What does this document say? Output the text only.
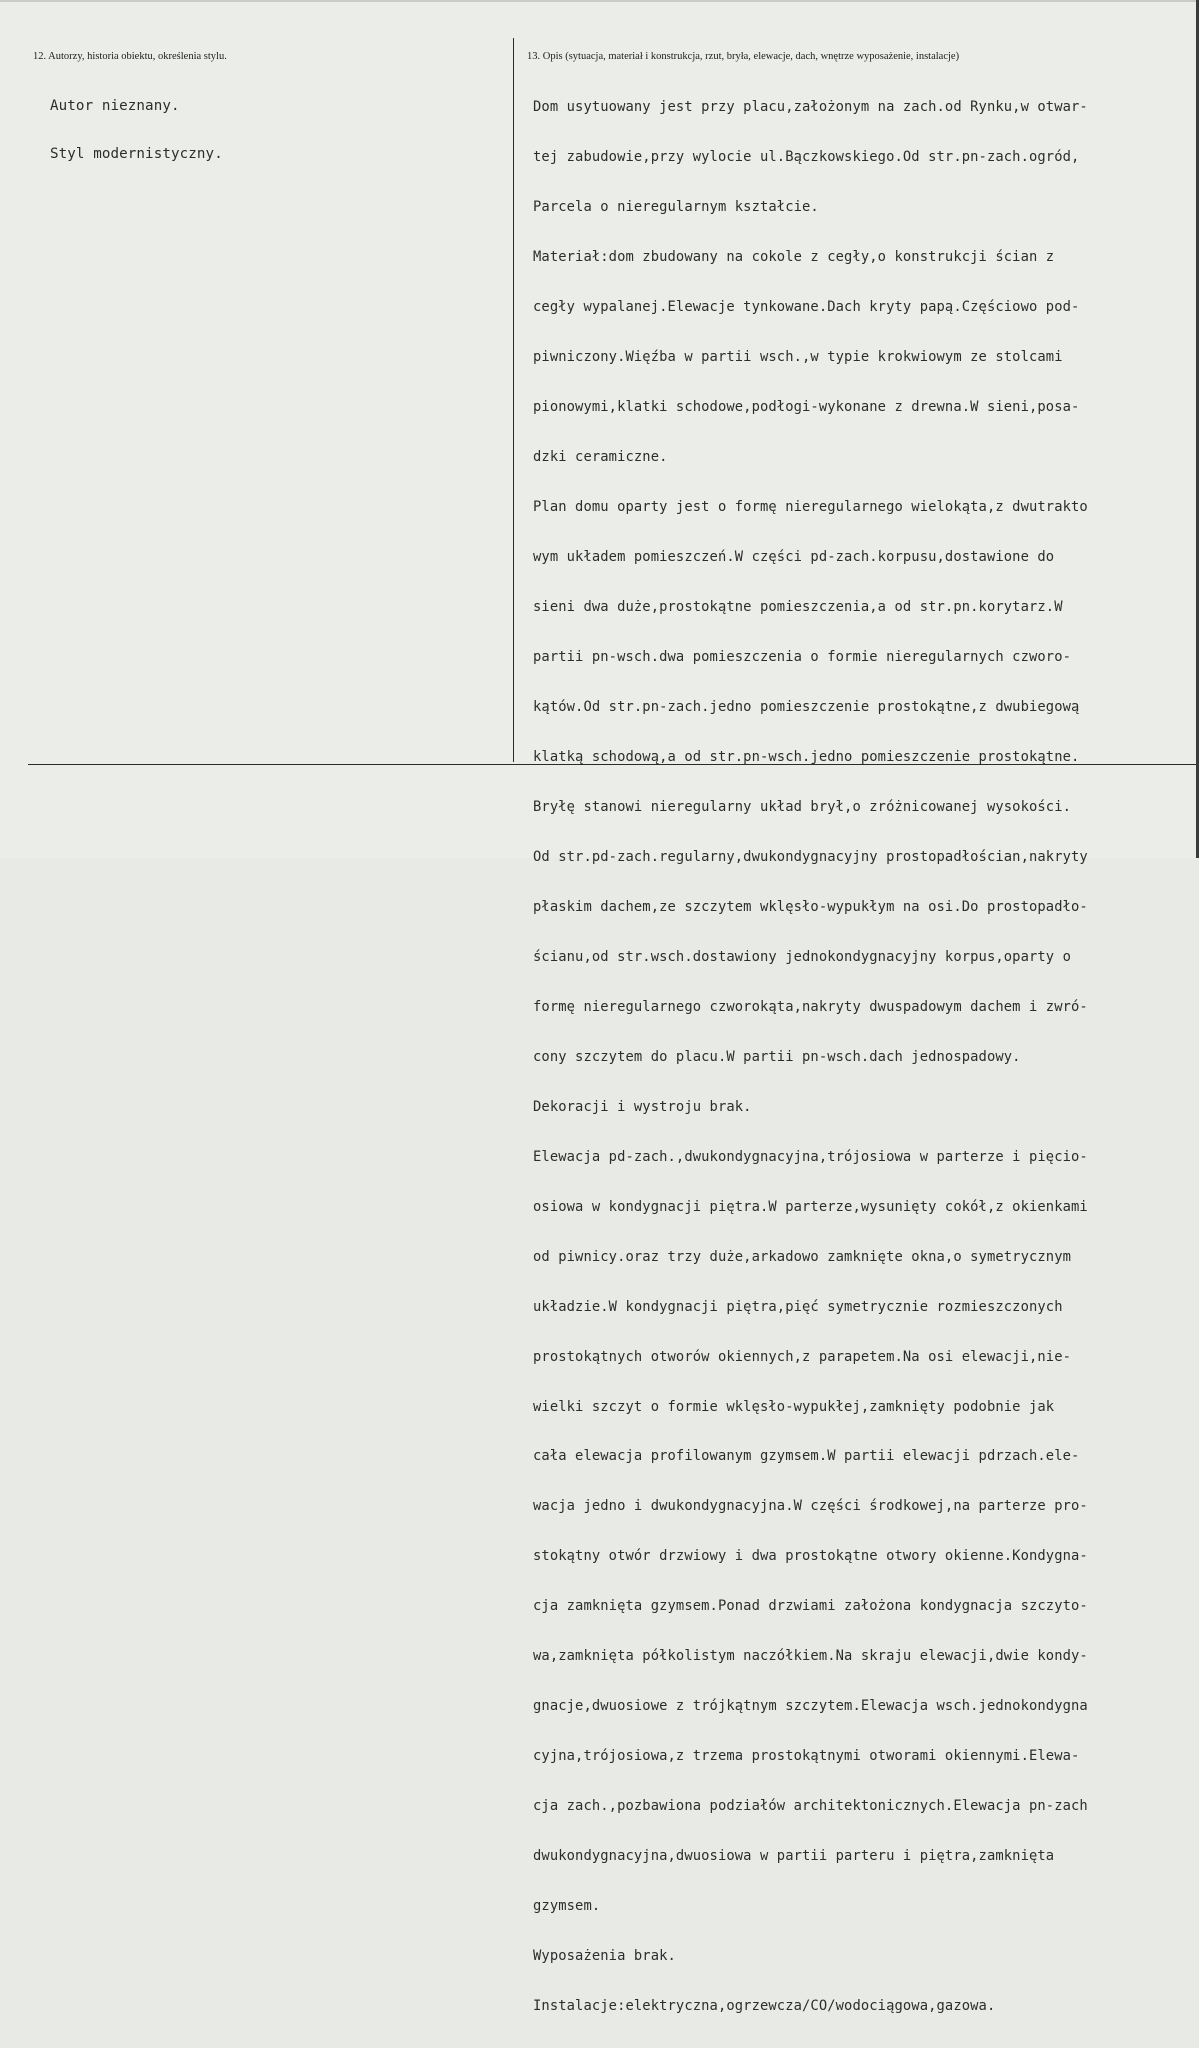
12. Autorzy, historia obiektu, określenia stylu.	13. Opis (sytuacja, materiał i konstrukcja, rzut, bryła, elewacje, dach, wnętrze wyposażenie, instalacje)

Autor nieznany.

Styl modernistyczny.

Dom usytuowany jest przy placu,założonym na zach.od Rynku,w otwar-

tej zabudowie,przy wylocie ul.Bączkowskiego.Od str.pn-zach.ogród,

Parcela o nieregularnym kształcie.

Materiał:dom zbudowany na cokole z cegły,o konstrukcji ścian z

cegły wypalanej.Elewacje tynkowane.Dach kryty papą.Częściowo pod-

piwniczony.Więźba w partii wsch.,w typie krokwiowym ze stolcami

pionowymi,klatki schodowe,podłogi-wykonane z drewna.W sieni,posa-

dzki ceramiczne.

Plan domu oparty jest o formę nieregularnego wielokąta,z dwutrakto

wym układem pomieszczeń.W części pd-zach.korpusu,dostawione do

sieni dwa duże,prostokątne pomieszczenia,a od str.pn.korytarz.W

partii pn-wsch.dwa pomieszczenia o formie nieregularnych czworo-

kątów.Od str.pn-zach.jedno pomieszczenie prostokątne,z dwubiegową

klatką schodową,a od str.pn-wsch.jedno pomieszczenie prostokątne.

Bryłę stanowi nieregularny układ brył,o zróżnicowanej wysokości.

Od str.pd-zach.regularny,dwukondygnacyjny prostopadłościan,nakryty

płaskim dachem,ze szczytem wklęsło-wypukłym na osi.Do prostopadło-

ścianu,od str.wsch.dostawiony jednokondygnacyjny korpus,oparty o

formę nieregularnego czworokąta,nakryty dwuspadowym dachem i zwró-

cony szczytem do placu.W partii pn-wsch.dach jednospadowy.

Dekoracji i wystroju brak.

Elewacja pd-zach.,dwukondygnacyjna,trójosiowa w parterze i pięcio-

osiowa w kondygnacji piętra.W parterze,wysunięty cokół,z okienkami

od piwnicy.oraz trzy duże,arkadowo zamknięte okna,o symetrycznym

układzie.W kondygnacji piętra,pięć symetrycznie rozmieszczonych

prostokątnych otworów okiennych,z parapetem.Na osi elewacji,nie-

wielki szczyt o formie wklęsło-wypukłej,zamknięty podobnie jak

cała elewacja profilowanym gzymsem.W partii elewacji pdrzach.ele-

wacja jedno i dwukondygnacyjna.W części środkowej,na parterze pro-

stokątny otwór drzwiowy i dwa prostokątne otwory okienne.Kondygna-

cja zamknięta gzymsem.Ponad drzwiami założona kondygnacja szczyto-

wa,zamknięta półkolistym naczółkiem.Na skraju elewacji,dwie kondy-

gnacje,dwuosiowe z trójkątnym szczytem.Elewacja wsch.jednokondygna

cyjna,trójosiowa,z trzema prostokątnymi otworami okiennymi.Elewa-

cja zach.,pozbawiona podziałów architektonicznych.Elewacja pn-zach

dwukondygnacyjna,dwuosiowa w partii parteru i piętra,zamknięta

gzymsem.

Wyposażenia brak.

Instalacje:elektryczna,ogrzewcza/CO/wodociągowa,gazowa.
